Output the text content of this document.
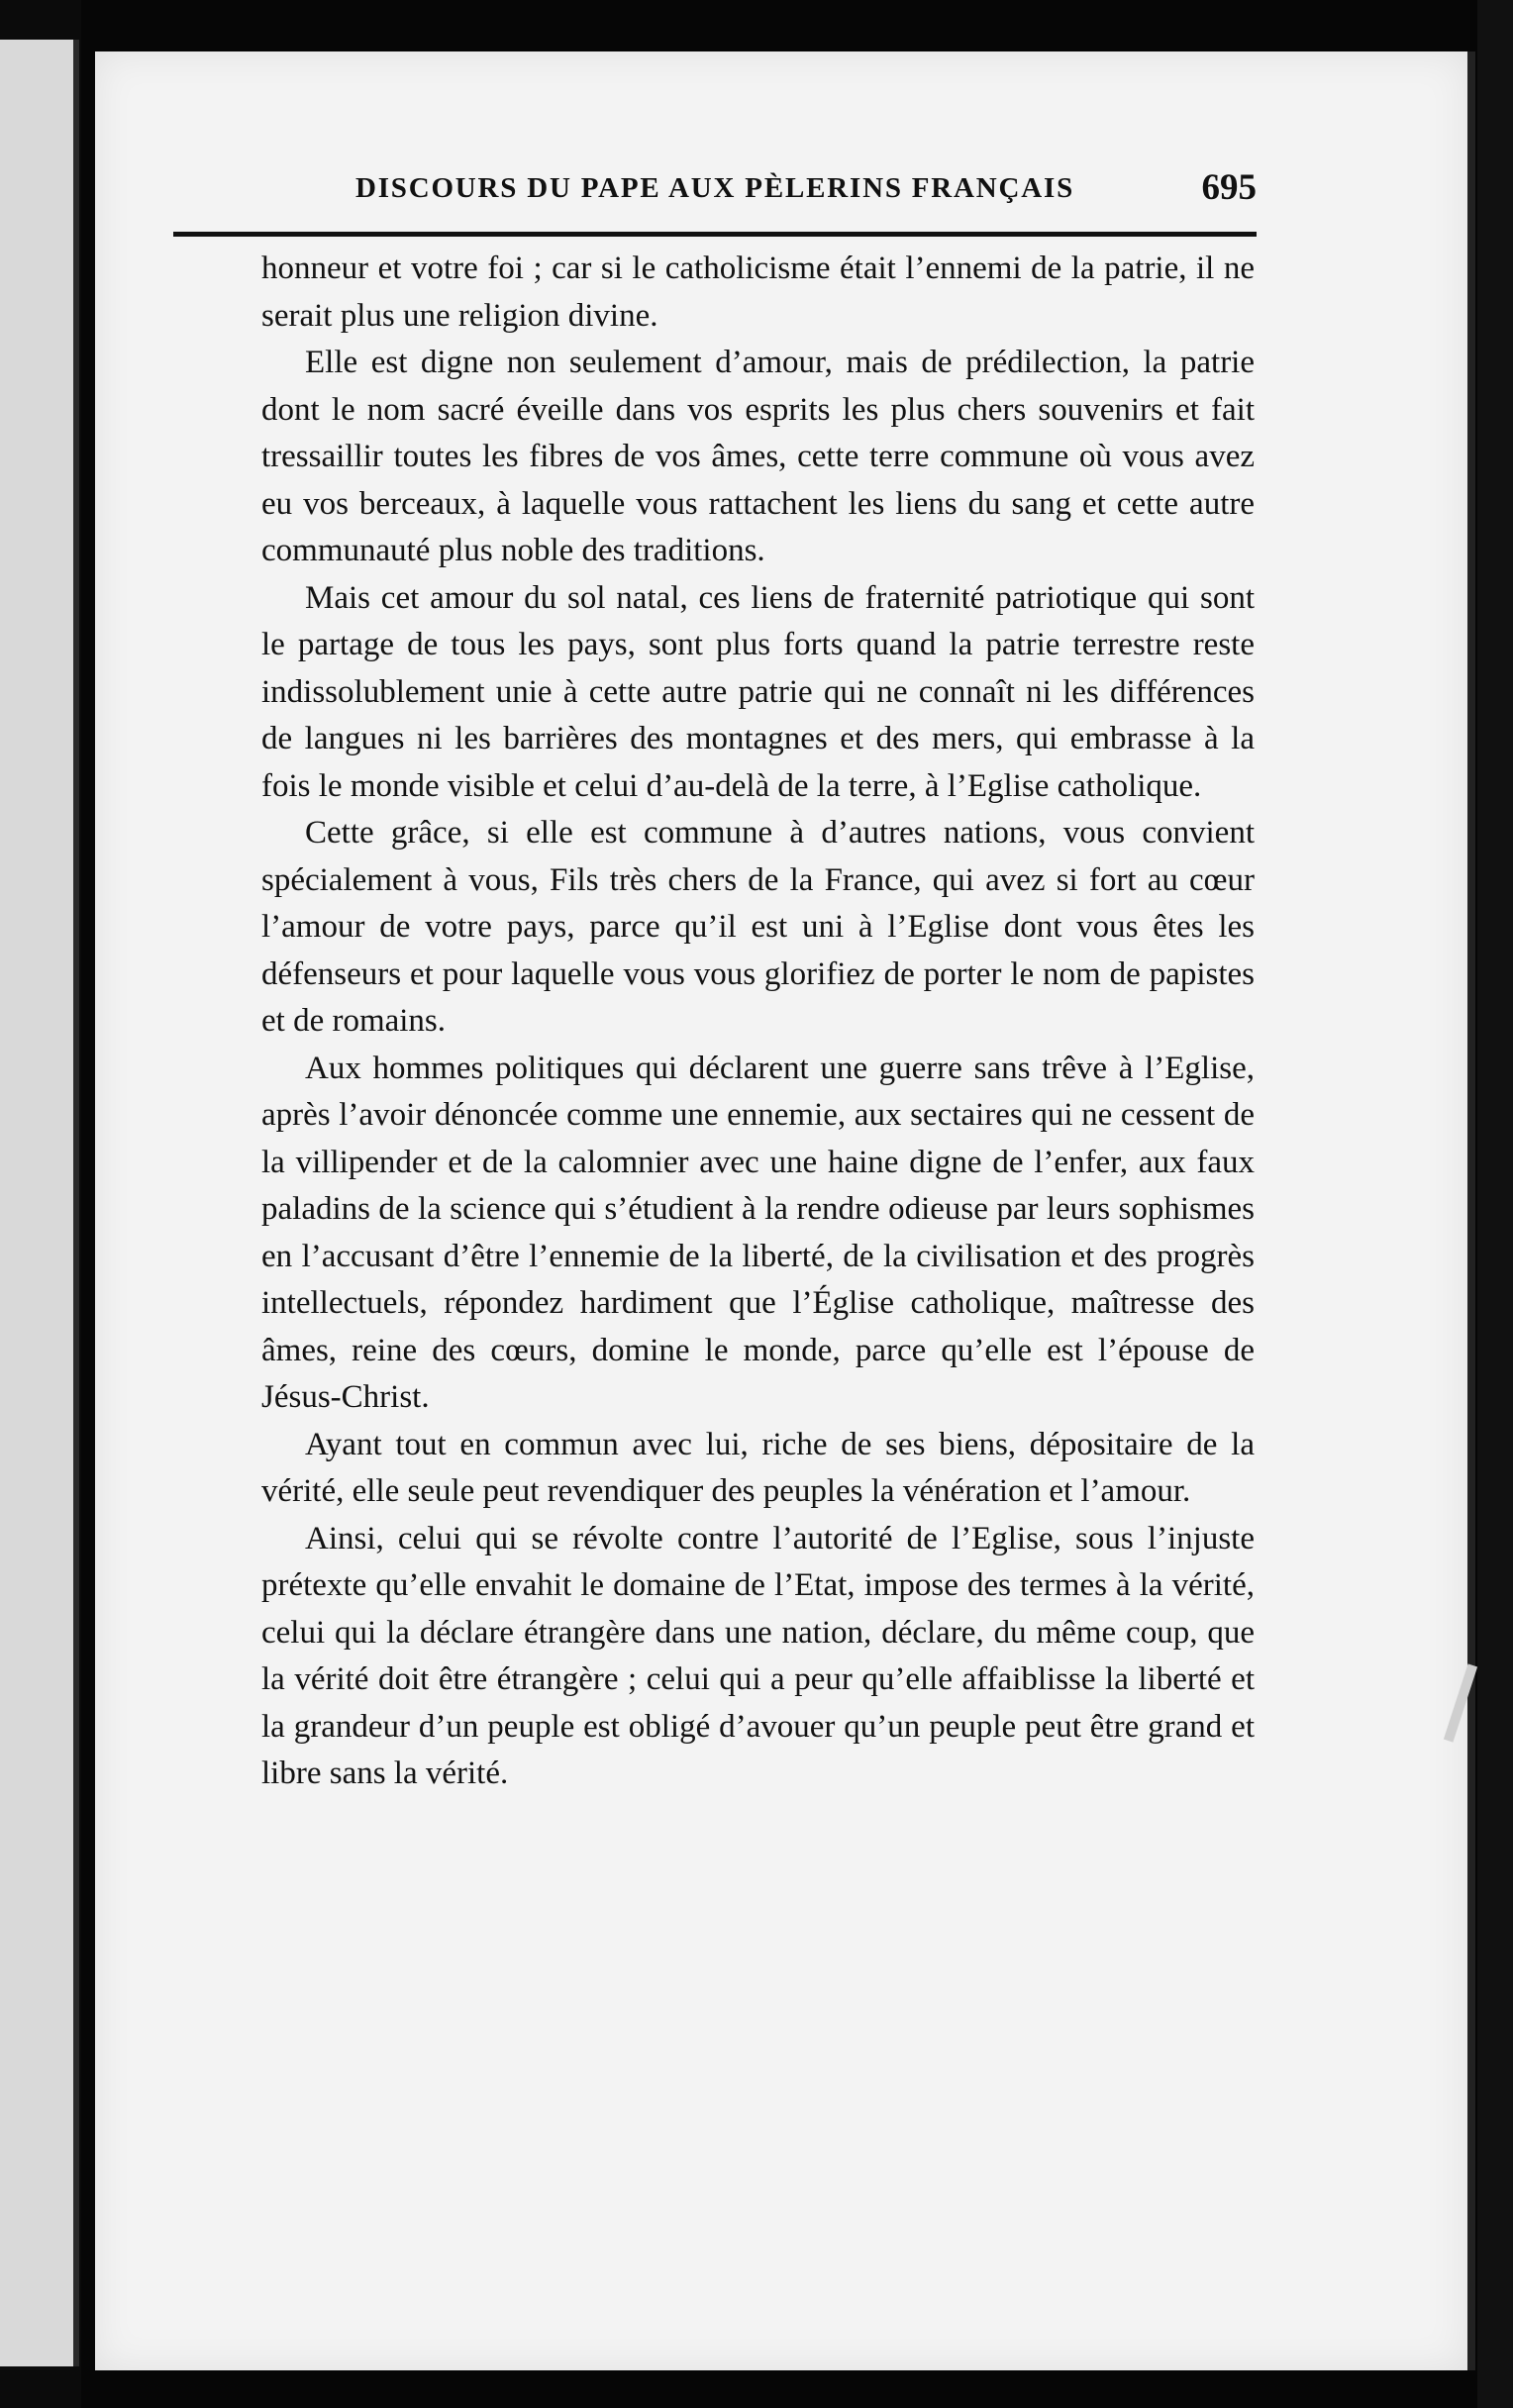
DISCOURS DU PAPE AUX PÈLERINS FRANÇAIS	695

honneur et votre foi ; car si le catholicisme était l’ennemi de la patrie, il ne serait plus une religion divine.

Elle est digne non seulement d’amour, mais de prédilection, la patrie dont le nom sacré éveille dans vos esprits les plus chers souvenirs et fait tressaillir toutes les fibres de vos âmes, cette terre commune où vous avez eu vos berceaux, à laquelle vous rattachent les liens du sang et cette autre communauté plus noble des traditions.

Mais cet amour du sol natal, ces liens de fraternité patriotique qui sont le partage de tous les pays, sont plus forts quand la patrie terrestre reste indissolublement unie à cette autre patrie qui ne connaît ni les différences de langues ni les barrières des montagnes et des mers, qui embrasse à la fois le monde visible et celui d’au-delà de la terre, à l’Eglise catholique.

Cette grâce, si elle est commune à d’autres nations, vous convient spécialement à vous, Fils très chers de la France, qui avez si fort au cœur l’amour de votre pays, parce qu’il est uni à l’Eglise dont vous êtes les défenseurs et pour laquelle vous vous glorifiez de porter le nom de papistes et de romains.

Aux hommes politiques qui déclarent une guerre sans trêve à l’Eglise, après l’avoir dénoncée comme une ennemie, aux sectaires qui ne cessent de la villipender et de la calomnier avec une haine digne de l’enfer, aux faux paladins de la science qui s’étudient à la rendre odieuse par leurs sophismes en l’accusant d’être l’ennemie de la liberté, de la civilisation et des progrès intellectuels, répondez hardiment que l’Église catholique, maîtresse des âmes, reine des cœurs, domine le monde, parce qu’elle est l’épouse de Jésus-Christ.

Ayant tout en commun avec lui, riche de ses biens, dépositaire de la vérité, elle seule peut revendiquer des peuples la vénération et l’amour.

Ainsi, celui qui se révolte contre l’autorité de l’Eglise, sous l’injuste prétexte qu’elle envahit le domaine de l’Etat, impose des termes à la vérité, celui qui la déclare étrangère dans une nation, déclare, du même coup, que la vérité doit être étrangère ; celui qui a peur qu’elle affaiblisse la liberté et la grandeur d’un peuple est obligé d’avouer qu’un peuple peut être grand et libre sans la vérité.
